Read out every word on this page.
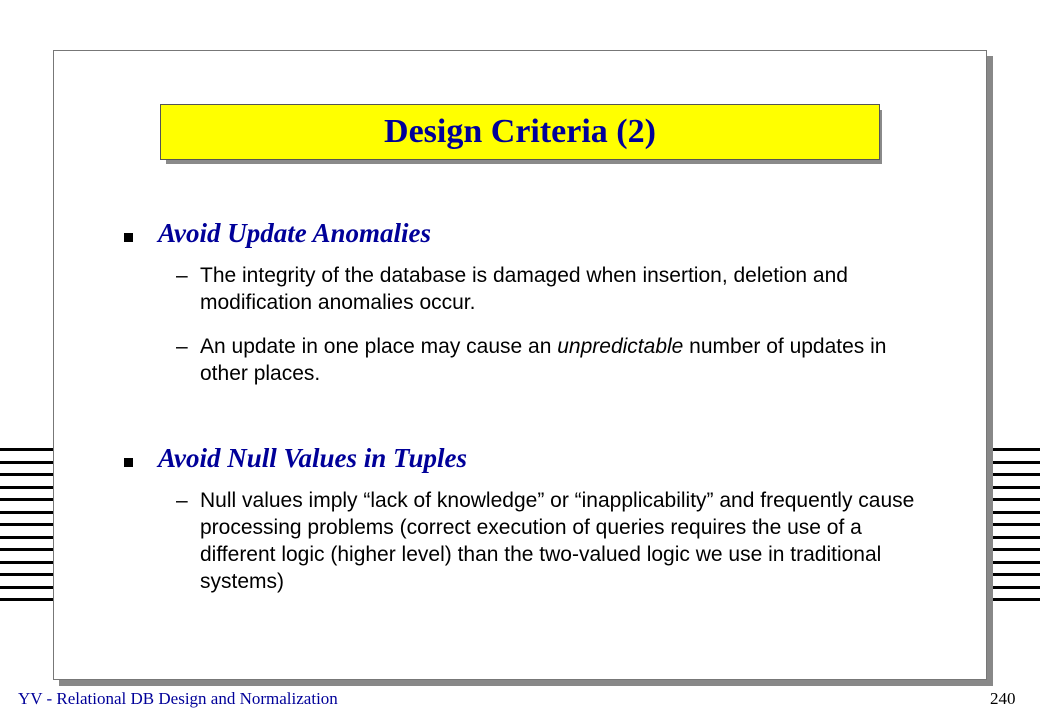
Design Criteria (2)
Avoid Update Anomalies
– The integrity of the database is damaged when insertion, deletion and modification anomalies occur.
– An update in one place may cause an unpredictable number of updates in other places.
Avoid Null Values in Tuples
– Null values imply “lack of knowledge” or “inapplicability” and frequently cause processing problems (correct execution of queries requires the use of a different logic (higher level) than the two-valued logic we use in traditional systems)
YV - Relational DB Design and Normalization	240
